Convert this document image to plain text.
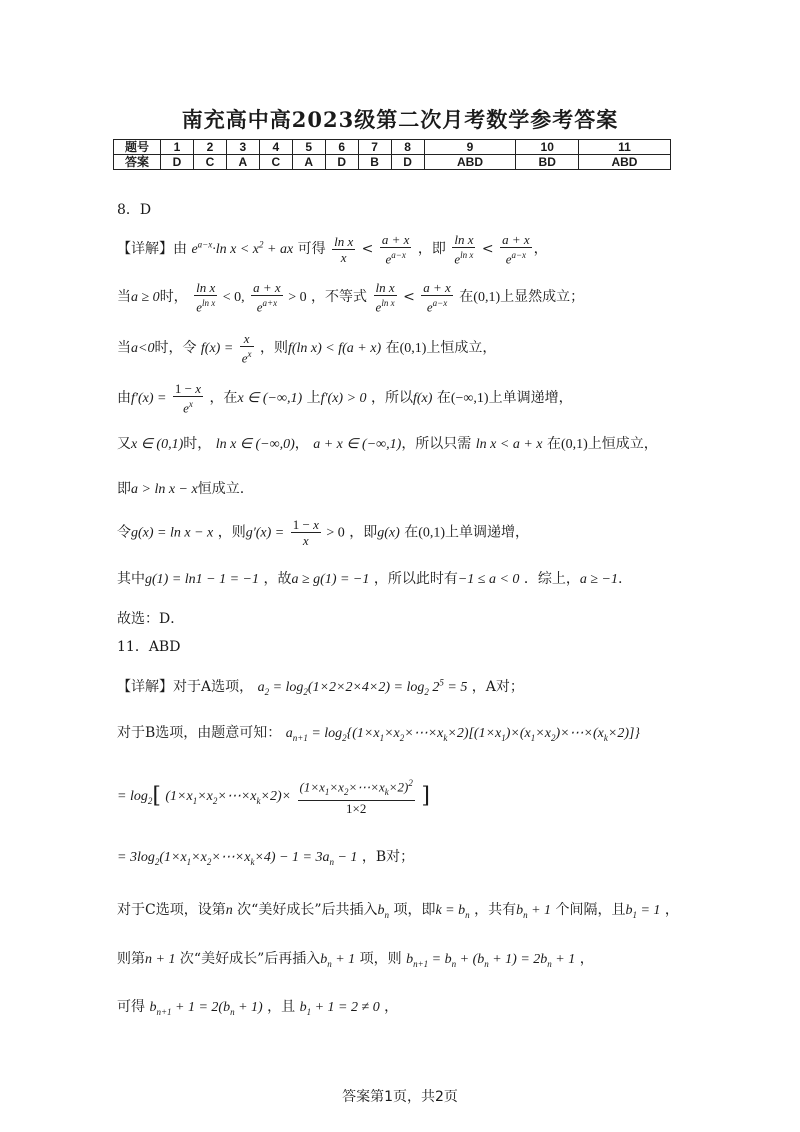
南充高中高2023级第二次月考数学参考答案
题号	1	2	3	4	5	6	7	8	9	10	11
答案	D	C	A	C	A	D	B	D	ABD	BD	ABD
8．D
【详解】由 $e^{a-x}\cdot\ln$ $x < x^2$ + ax 可得 $\frac{\text{ln x}}{x} < \frac{a + x}{e^{a-x}}$ ，即 $\frac{\text{ln x}}{e^{ln x}} < \frac{a + x}{e^{a-x}}$ ，
当a ≥ 0时， $\frac{\text{ln x}}{e^{ln x}} < 0$, $\frac{a + x}{e^{a+x}} > 0$ ，不等式 $\frac{\text{ln x}}{e^{ln x}} < \frac{a + x}{e^{a-x}}$ 在(0,1)上显然成立；
当a<0时，令 $f(x) = \frac{x}{e^x}$ ，则f(ln x) < f(a + x) 在(0,1)上恒成立，
由$f'(x) = \frac{1 - x}{e^x}$ ，在x ∈ (−∞,1) 上f′(x) > 0 ，所以f(x) 在(−∞,1)上单调递增，
又x ∈ (0,1)时， ln x ∈ (−∞,0)， a + x ∈ (−∞,1)，所以只需 ln x < a + x 在(0,1)上恒成立，
即a > ln x − x恒成立.
令g(x) = ln x − x ，则$g'(x) = \frac{1 - x}{x} > 0$ ，即g(x) 在(0,1)上单调递增，
其中g(1) = ln1 − 1 = −1 ，故a ≥ g(1) = −1 ，所以此时有−1 ≤ a < 0 ．综上，a ≥ −1.
故选：D．
11．ABD
【详解】对于A选项， $a_2 = \log_2(1\times 2\times 2\times 4\times 2) = \log_2 2^5 = 5$ ，A对；
对于B选项，由题意可知： $a_{n+1}$ = $\log_2\{(1\times x_1\times x_2\times\cdots\times x_k\times 2)[(1\times x_1)\times(x_1\times x_2)\times\cdots\times(x_k\times 2)]\}$
= $\log_2$[ $(1\times x_1\times x_2\times\cdots\times x_k\times 2)\times \frac{(1\times x_1\times x_2\times\cdots\times x_k\times 2)^2}{1\times 2}$ ]
= $3\log_2(1\times x_1\times x_2\times\cdots\times x_k\times 4) - 1 = 3a_n - 1$ ，B对；
对于C选项，设第n 次“美好成长”后共插入$b_n$ 项，即$k = b_n$ ，共有$b_n + 1$ 个间隔，且$b_1 = 1$ ，
则第n + 1 次“美好成长”后再插入$b_n + 1$ 项，则 $b_{n+1} = b_n + (b_n + 1) = 2b_n + 1$ ，
可得 $b_{n+1} + 1 = 2(b_n + 1)$ ，且 $b_1 + 1 = 2 \ne 0$ ，
答案第1页，共2页
